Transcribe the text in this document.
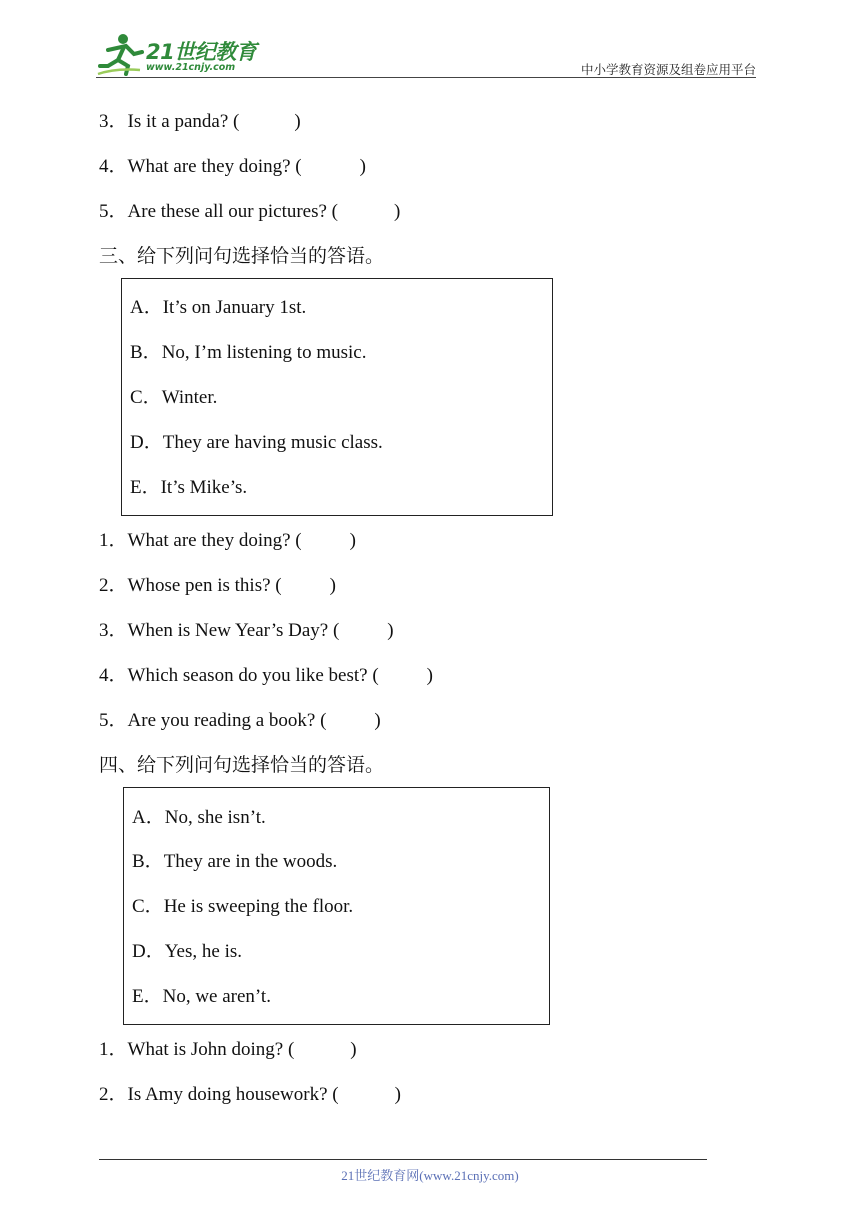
21世纪教育
www.21cnjy.com	中小学教育资源及组卷应用平台
3．Is it a panda? (	)
4．What are they doing? (	)
5．Are these all our pictures? (	)
三、给下列问句选择恰当的答语。
A．It’s on January 1st.
B．No, I’m listening to music.
C．Winter.
D．They are having music class.
E．It’s Mike’s.
1．What are they doing? (	)
2．Whose pen is this? (	)
3．When is New Year’s Day? (	)
4．Which season do you like best? (	)
5．Are you reading a book? (	)
四、给下列问句选择恰当的答语。
A．No, she isn’t.
B．They are in the woods.
C．He is sweeping the floor.
D．Yes, he is.
E．No, we aren’t.
1．What is John doing? (	)
2．Is Amy doing housework? (	)
21世纪教育网(www.21cnjy.com)
